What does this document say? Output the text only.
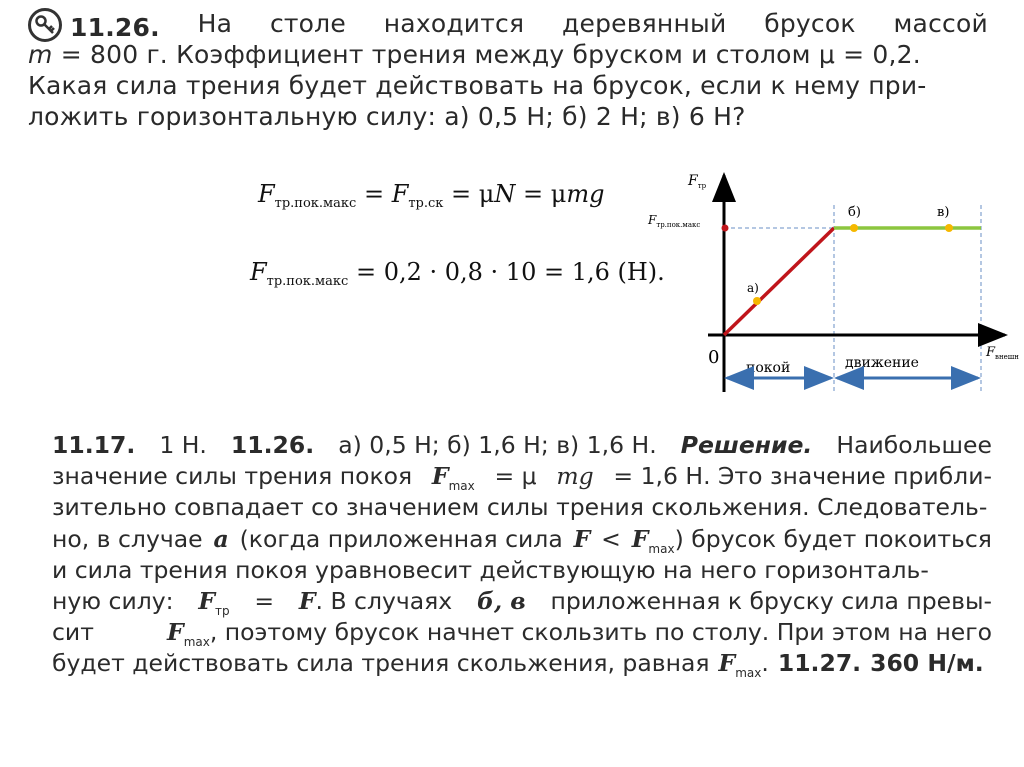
11.26. На столе находится деревянный брусок массой
m = 800 г. Коэффициент трения между бруском и столом μ = 0,2.
Какая сила трения будет действовать на брусок, если к нему при-
ложить горизонтальную силу: а) 0,5 Н; б) 2 Н; в) 6 Н?
$F_{тр.пок.макс} = F_{тр.ск} = \mu N = \mu mg$
$F_{тр.пок.макс} = 0,2 \cdot 0,8 \cdot 10 = 1,6$ (Н).
$F_{тр}$
$F_{тр.пок.макс}$
$F_{внешн}$
0
а)
б)	в)
покой	движение
11.17. 1 Н. 11.26. а) 0,5 Н; б) 1,6 Н; в) 1,6 Н. Решение. Наибольшее
значение силы трения покоя $F_{max} = \mu$ mg = 1,6 Н. Это значение прибли-
зительно совпадает со значением силы трения скольжения. Следователь-
но, в случае а (когда приложенная сила $F < F_{max}$) брусок будет покоиться
и сила трения покоя уравновесит действующую на него горизонталь-
ную силу: $F_{тр} = F$. В случаях б, в приложенная к бруску сила превы-
сит	$F_{max}$, поэтому брусок начнет скользить по столу. При этом на него
будет действовать сила трения скольжения, равная $F_{max}$. 11.27. 360 Н/м.
